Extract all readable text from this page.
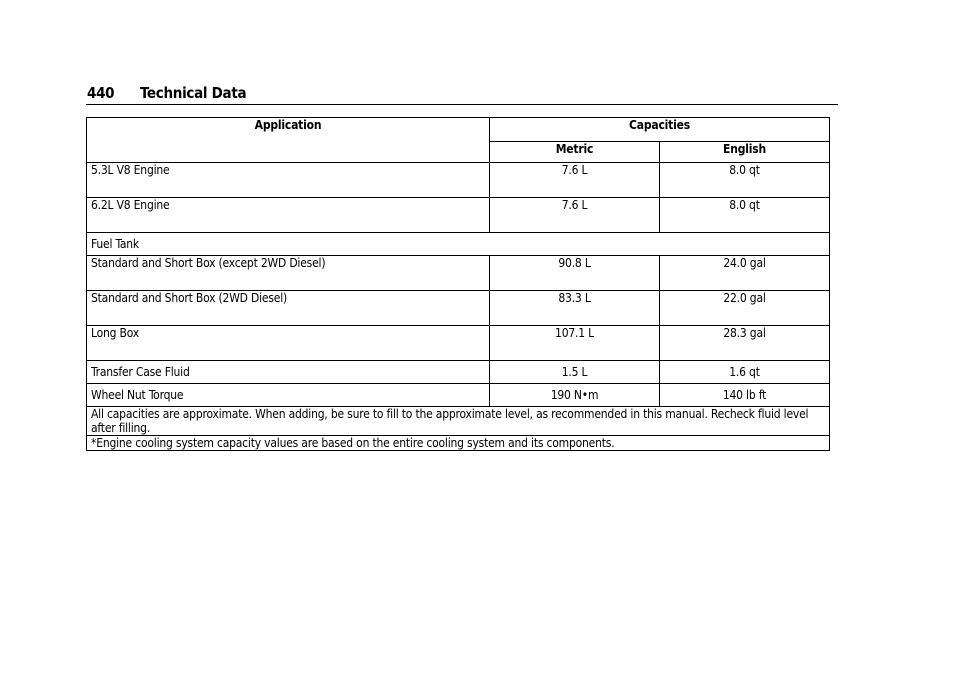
440 Technical Data
Application	Capacities	
	Metric	English
5.3L V8 Engine	7.6 L	8.0 qt
6.2L V8 Engine	7.6 L	8.0 qt
Fuel Tank		
Standard and Short Box (except 2WD Diesel)	90.8 L	24.0 gal
Standard and Short Box (2WD Diesel)	83.3 L	22.0 gal
Long Box	107.1 L	28.3 gal
Transfer Case Fluid	1.5 L	1.6 qt
Wheel Nut Torque	190 N•m	140 lb ft
All capacities are approximate. When adding, be sure to fill to the approximate level, as recommended in this manual. Recheck fluid level after filling.		
*Engine cooling system capacity values are based on the entire cooling system and its components.		
